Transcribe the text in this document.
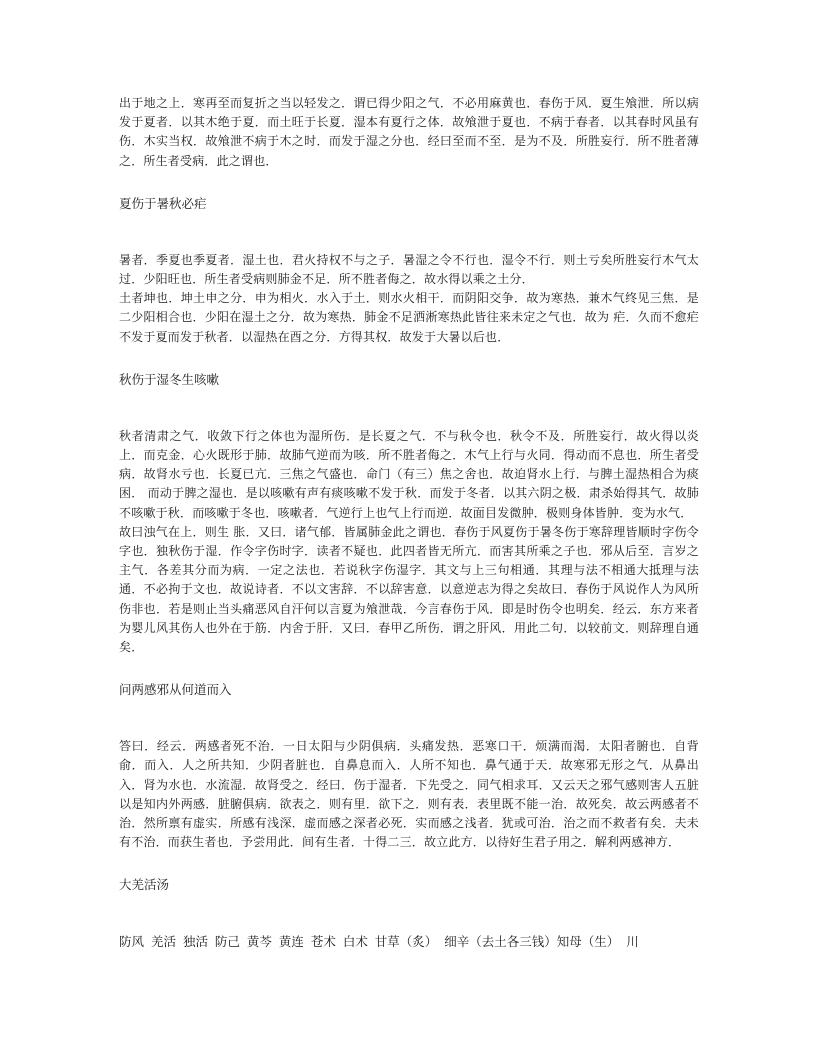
出于地之上．寒再至而复折之当以轻发之．谓已得少阳之气．不必用麻黄也．春伤于风．夏生飧泄．所以病发于夏者．以其木绝于夏．而土旺于长夏．湿本有夏行之体．故飧泄于夏也．不病于春者．以其春时风虽有伤．木实当权．故飧泄不病于木之时．而发于湿之分也．经曰至而不至．是为不及．所胜妄行．所不胜者薄之．所生者受病．此之谓也．

夏伤于暑秋必疟

暑者．季夏也季夏者．湿土也．君火持权不与之子．暑湿之令不行也．湿令不行．则土亏矣所胜妄行木气太过．少阳旺也．所生者受病则肺金不足．所不胜者侮之．故水得以乘之土分．

土者坤也．坤土申之分．申为相火．水入于土．则水火相干．而阴阳交争．故为寒热．兼木气终见三焦．是二少阳相合也．少阳在湿土之分．故为寒热．肺金不足洒淅寒热此皆往来未定之气也．故为 疟．久而不愈疟不发于夏而发于秋者．以湿热在酉之分．方得其权．故发于大暑以后也．

秋伤于湿冬生咳嗽

秋者清肃之气．收敛下行之体也为湿所伤．是长夏之气．不与秋令也．秋令不及．所胜妄行．故火得以炎上．而克金．心火既形于肺．故肺气逆而为咳．所不胜者侮之．木气上行与火同．得动而不息也．所生者受病．故肾水亏也．长夏已亢．三焦之气盛也．命门（有三）焦之舍也．故迫肾水上行．与脾土湿热相合为痰困． 而动于脾之湿也．是以咳嗽有声有痰咳嗽不发于秋．而发于冬者．以其六阴之极．肃杀始得其气．故肺不咳嗽于秋．而咳嗽于冬也．咳嗽者．气逆行上也气上行而逆．故面目发微肿．极则身体皆肿．变为水气．

故曰浊气在上．则生 胀．又曰．诸气郁．皆属肺金此之谓也．春伤于风夏伤于暑冬伤于寒辞理皆顺时字伤令字也．独秋伤于湿．作令字伤时字．读者不疑也．此四者皆无所亢．而害其所乘之子也．邪从后至．言岁之主气．各差其分而为病．一定之法也．若说秋字伤湿字．其文与上三句相通．其理与法不相通大抵理与法通．不必拘于文也．故说诗者．不以文害辞．不以辞害意．以意逆志为得之矣故曰．春伤于风说作人为风所伤非也．若是则止当头痛恶风自汗何以言夏为飧泄哉．今言春伤于风．即是时伤令也明矣．经云．东方来者为婴儿风其伤人也外在于筋．内舍于肝．又曰．春甲乙所伤．谓之肝风．用此二句．以较前文．则辞理自通矣．

问两感邪从何道而入

答曰．经云．两感者死不治．一日太阳与少阴俱病．头痛发热．恶寒口干．烦满而渴．太阳者腑也．自背俞．而入．人之所共知．少阴者脏也．自鼻息而入．人所不知也．鼻气通于天．故寒邪无形之气．从鼻出入．肾为水也．水流湿．故肾受之．经曰．伤于湿者．下先受之．同气相求耳．又云天之邪气感则害人五脏以是知内外两感．脏腑俱病．欲表之．则有里．欲下之．则有表．表里既不能一治．故死矣．故云两感者不治．然所禀有虚实．所感有浅深．虚而感之深者必死．实而感之浅者．犹或可治．治之而不救者有矣．夫未有不治．而获生者也．予尝用此．间有生者．十得二三．故立此方．以待好生君子用之．解利两感神方．

大羌活汤

防风 羌活 独活 防己 黄芩 黄连 苍术 白术 甘草（炙） 细辛（去土各三钱）知母（生） 川
